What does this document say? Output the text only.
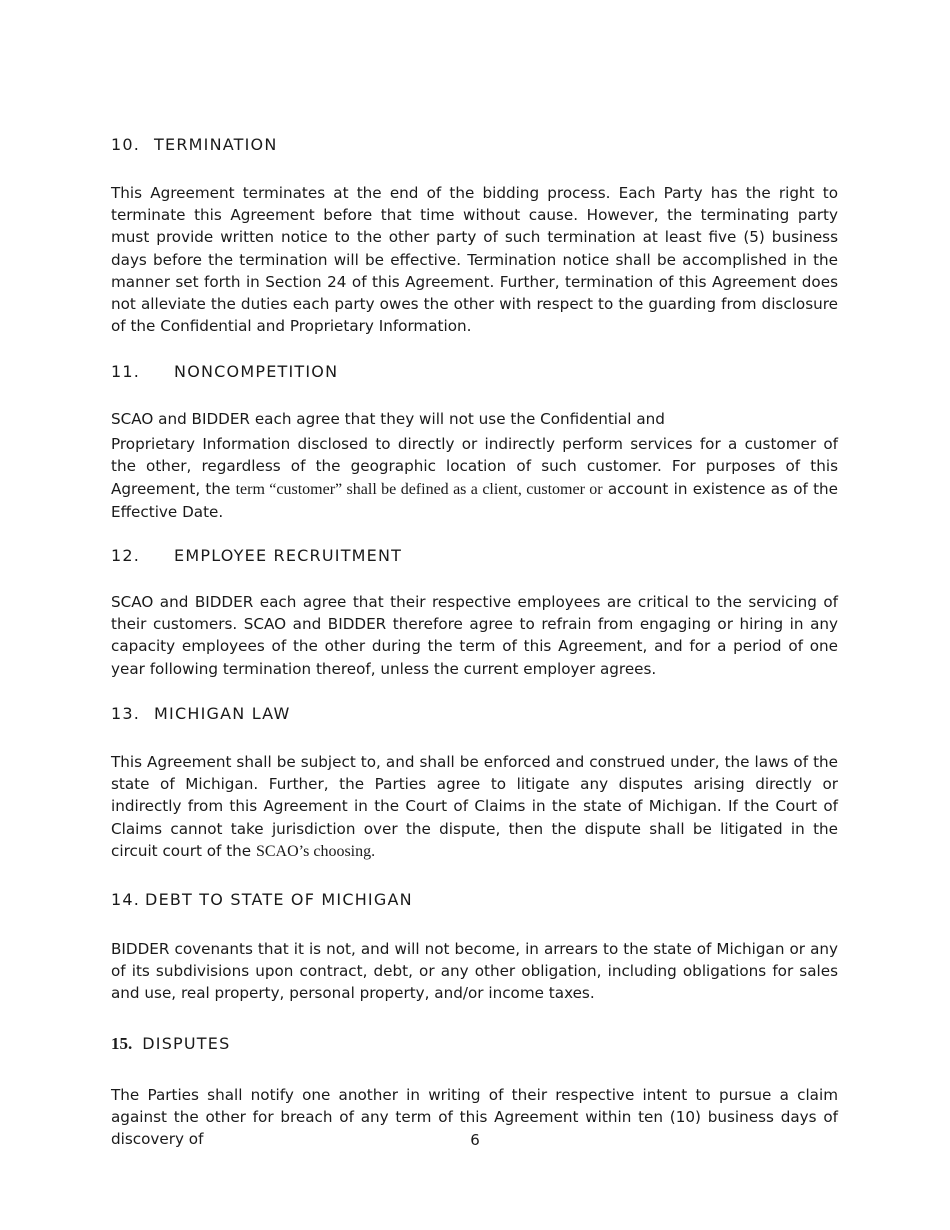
10. TERMINATION

This Agreement terminates at the end of the bidding process. Each Party has the right to terminate this Agreement before that time without cause. However, the terminating party must provide written notice to the other party of such termination at least five (5) business days before the termination will be effective. Termination notice shall be accomplished in the manner set forth in Section 24 of this Agreement. Further, termination of this Agreement does not alleviate the duties each party owes the other with respect to the guarding from disclosure of the Confidential and Proprietary Information.

11. NONCOMPETITION
SCAO and BIDDER each agree that they will not use the Confidential and
Proprietary Information disclosed to directly or indirectly perform services for a customer of the other, regardless of the geographic location of such customer. For purposes of this Agreement, the term “customer” shall be defined as a client, customer or account in existence as of the Effective Date.
12. EMPLOYEE RECRUITMENT

SCAO and BIDDER each agree that their respective employees are critical to the servicing of their customers. SCAO and BIDDER therefore agree to refrain from engaging or hiring in any capacity employees of the other during the term of this Agreement, and for a period of one year following termination thereof, unless the current employer agrees.

13. MICHIGAN LAW
This Agreement shall be subject to, and shall be enforced and construed under, the laws of the state of Michigan. Further, the Parties agree to litigate any disputes arising directly or indirectly from this Agreement in the Court of Claims in the state of Michigan. If the Court of Claims cannot take jurisdiction over the dispute, then the dispute shall be litigated in the circuit court of the SCAO’s choosing.
14. DEBT TO STATE OF MICHIGAN

BIDDER covenants that it is not, and will not become, in arrears to the state of Michigan or any of its subdivisions upon contract, debt, or any other obligation, including obligations for sales and use, real property, personal property, and/or income taxes.

15. DISPUTES

The Parties shall notify one another in writing of their respective intent to pursue a claim against the other for breach of any term of this Agreement within ten (10) business days of discovery of	6
